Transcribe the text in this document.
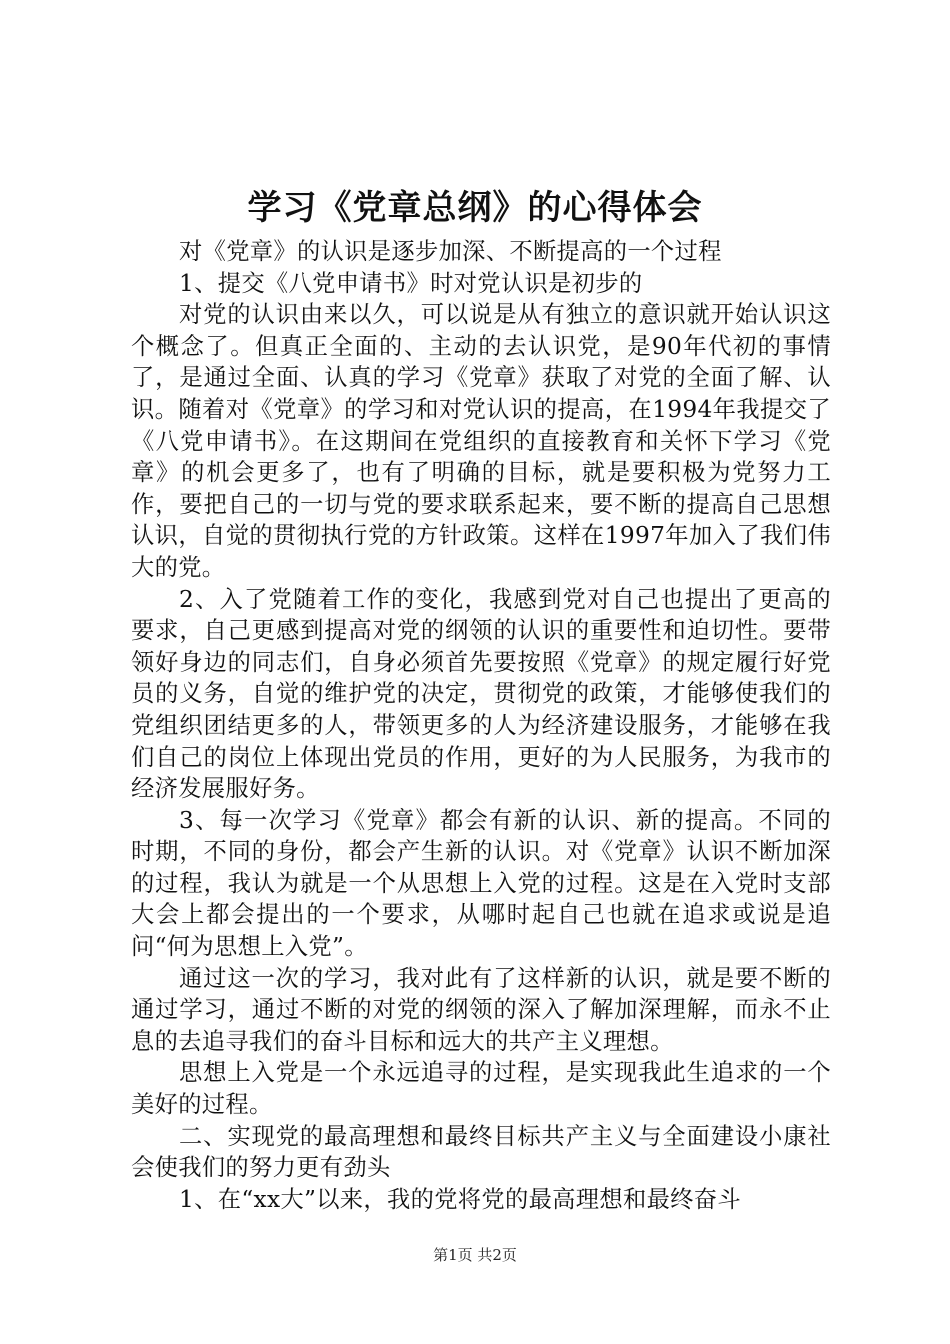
学习《党章总纲》的心得体会

对《党章》的认识是逐步加深、不断提高的一个过程

1、提交《八党申请书》时对党认识是初步的

对党的认识由来以久，可以说是从有独立的意识就开始认识这个概念了。但真正全面的、主动的去认识党，是90年代初的事情了，是通过全面、认真的学习《党章》获取了对党的全面了解、认识。随着对《党章》的学习和对党认识的提高，在1994年我提交了《八党申请书》。在这期间在党组织的直接教育和关怀下学习《党章》的机会更多了，也有了明确的目标，就是要积极为党努力工作，要把自己的一切与党的要求联系起来，要不断的提高自己思想认识，自觉的贯彻执行党的方针政策。这样在1997年加入了我们伟大的党。

2、入了党随着工作的变化，我感到党对自己也提出了更高的要求，自己更感到提高对党的纲领的认识的重要性和迫切性。要带领好身边的同志们，自身必须首先要按照《党章》的规定履行好党员的义务，自觉的维护党的决定，贯彻党的政策，才能够使我们的党组织团结更多的人，带领更多的人为经济建设服务，才能够在我们自己的岗位上体现出党员的作用，更好的为人民服务，为我市的经济发展服好务。

3、每一次学习《党章》都会有新的认识、新的提高。不同的时期，不同的身份，都会产生新的认识。对《党章》认识不断加深的过程，我认为就是一个从思想上入党的过程。这是在入党时支部大会上都会提出的一个要求，从哪时起自己也就在追求或说是追问“何为思想上入党”。

通过这一次的学习，我对此有了这样新的认识，就是要不断的通过学习，通过不断的对党的纲领的深入了解加深理解，而永不止息的去追寻我们的奋斗目标和远大的共产主义理想。

思想上入党是一个永远追寻的过程，是实现我此生追求的一个美好的过程。

二、实现党的最高理想和最终目标共产主义与全面建设小康社会使我们的努力更有劲头

1、在“xx大”以来，我的党将党的最高理想和最终奋斗

第1页 共2页
